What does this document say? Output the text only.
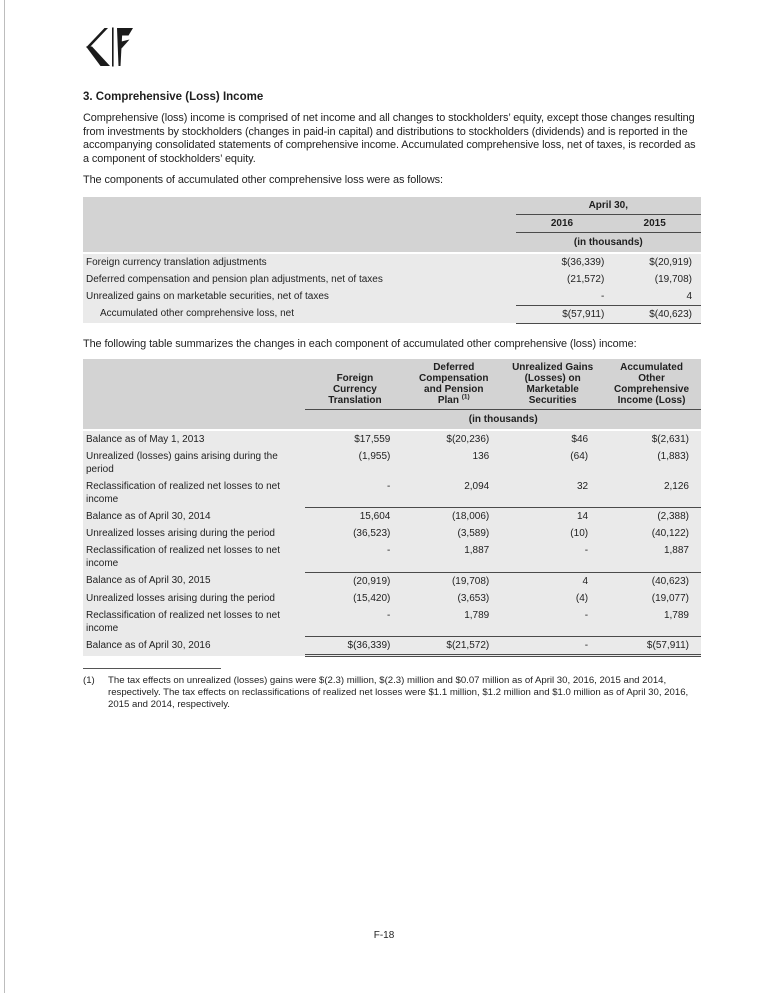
3. Comprehensive (Loss) Income

Comprehensive (loss) income is comprised of net income and all changes to stockholders’ equity, except those changes resulting from investments by stockholders (changes in paid-in capital) and distributions to stockholders (dividends) and is reported in the accompanying consolidated statements of comprehensive income. Accumulated comprehensive loss, net of taxes, is recorded as a component of stockholders’ equity.

The components of accumulated other comprehensive loss were as follows:

	April 30,	
	2016	2015
	(in thousands)	
Foreign currency translation adjustments	$(36,339)	$(20,919)
Deferred compensation and pension plan adjustments, net of taxes	(21,572)	(19,708)
Unrealized gains on marketable securities, net of taxes	-	4
Accumulated other comprehensive loss, net	$(57,911)	$(40,623)

The following table summarizes the changes in each component of accumulated other comprehensive (loss) income:

	Foreign Currency Translation	Deferred Compensation and Pension Plan $^{(1)}$	Unrealized Gains (Losses) on Marketable Securities	Accumulated Other Comprehensive Income (Loss)
	(in thousands)			
Balance as of May 1, 2013	$17,559	$(20,236)	$46	$(2,631)
Unrealized (losses) gains arising during the period	(1,955)	136	(64)	(1,883)
Reclassification of realized net losses to net income	-	2,094	32	2,126
Balance as of April 30, 2014	15,604	(18,006)	14	(2,388)
Unrealized losses arising during the period	(36,523)	(3,589)	(10)	(40,122)
Reclassification of realized net losses to net income	-	1,887	-	1,887
Balance as of April 30, 2015	(20,919)	(19,708)	4	(40,623)
Unrealized losses arising during the period	(15,420)	(3,653)	(4)	(19,077)
Reclassification of realized net losses to net income	-	1,789	-	1,789
Balance as of April 30, 2016	$(36,339)	$(21,572)	-	$(57,911)
(1)	The tax effects on unrealized (losses) gains were $(2.3) million, $(2.3) million and $0.07 million as of April 30, 2016, 2015 and 2014, respectively. The tax effects on reclassifications of realized net losses were $1.1 million, $1.2 million and $1.0 million as of April 30, 2016, 2015 and 2014, respectively.
F-18
